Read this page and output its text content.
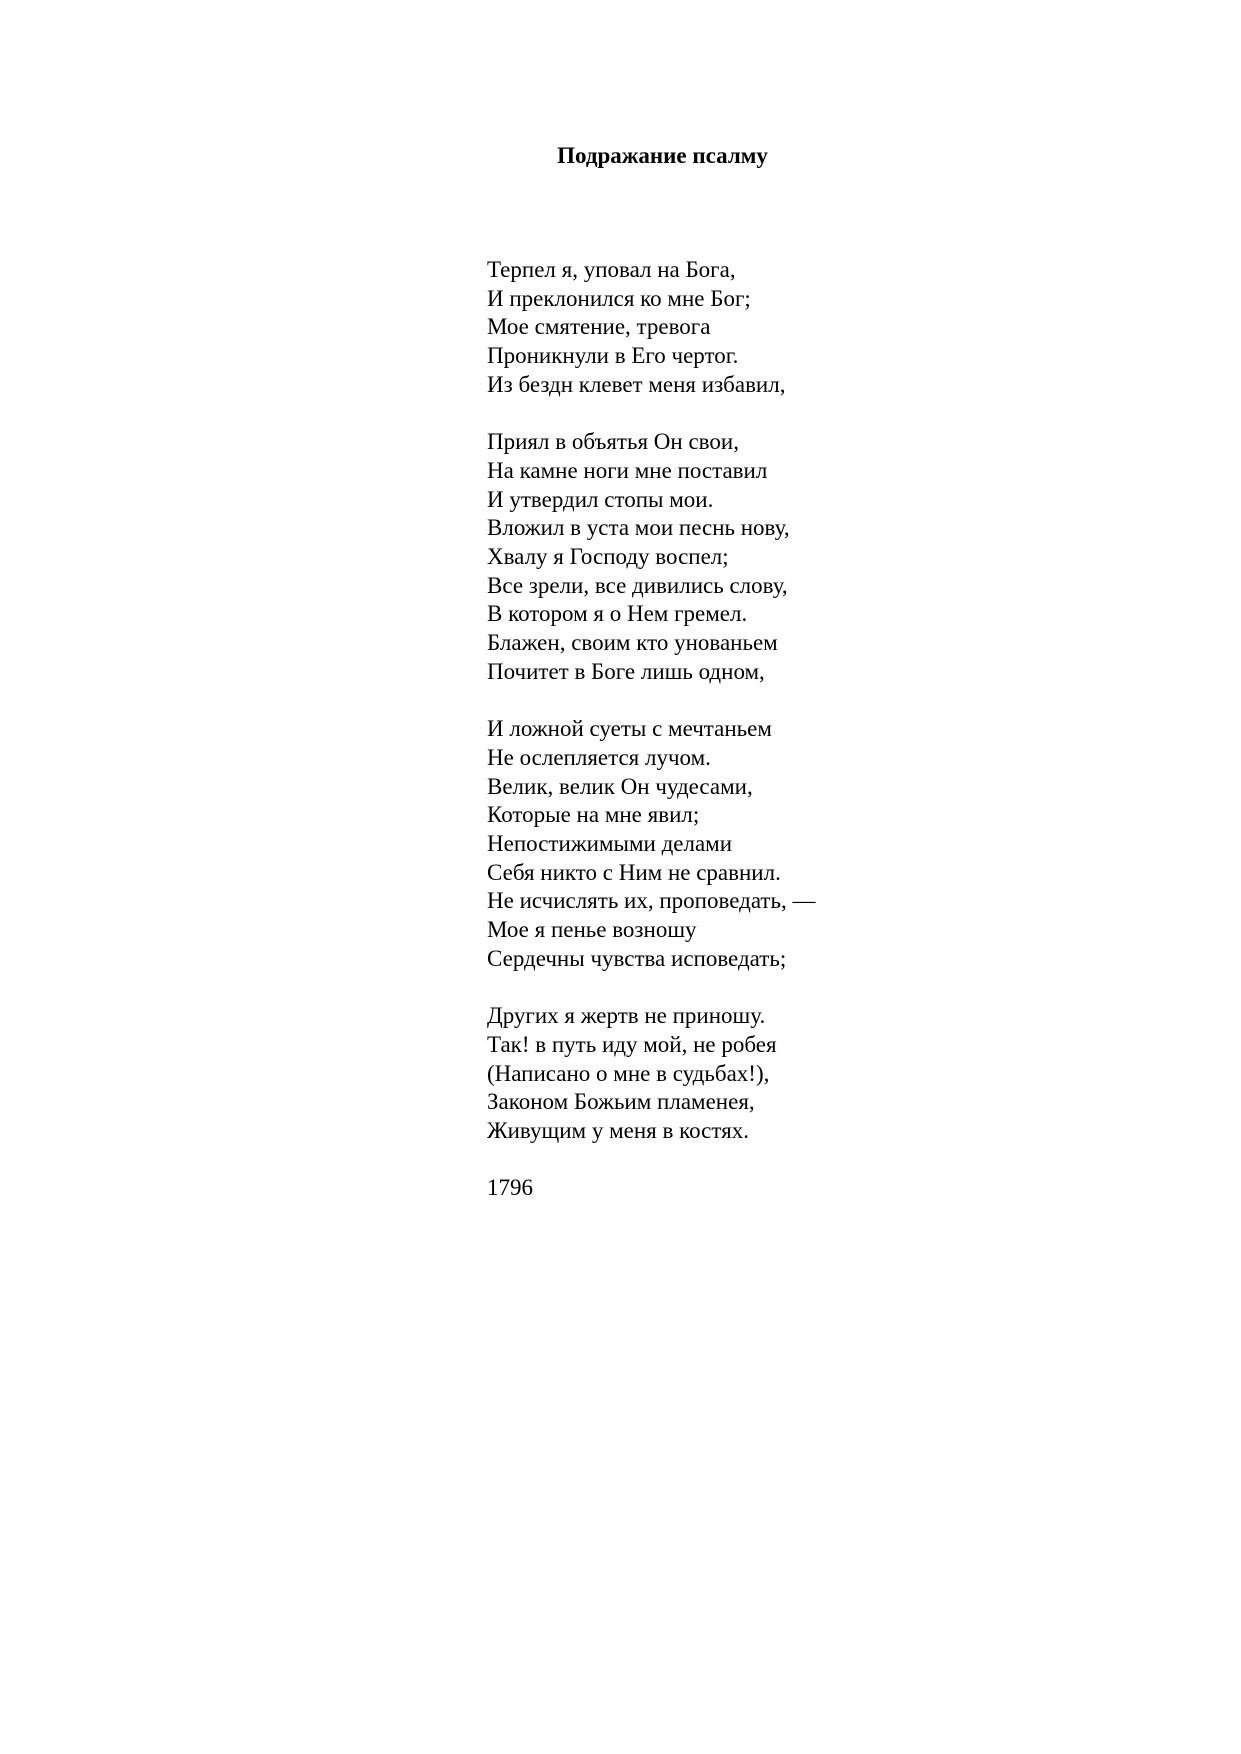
Подражание псалму
Терпел я, уповал на Бога,
И преклонился ко мне Бог;
Мое смятение, тревога
Проникнули в Его чертог.
Из бездн клевет меня избавил,
Приял в объятья Он свои,
На камне ноги мне поставил
И утвердил стопы мои.
Вложил в уста мои песнь нову,
Хвалу я Господу воспел;
Все зрели, все дивились слову,
В котором я о Нем гремел.
Блажен, своим кто унованьем
Почитет в Боге лишь одном,
И ложной суеты с мечтаньем
Не ослепляется лучом.
Велик, велик Он чудесами,
Которые на мне явил;
Непостижимыми делами
Себя никто с Ним не сравнил.
Не исчислять их, проповедать, —
Мое я пенье возношу
Сердечны чувства исповедать;
Других я жертв не приношу.
Так! в путь иду мой, не робея
(Написано о мне в судьбах!),
Законом Божьим пламенея,
Живущим у меня в костях.
1796
